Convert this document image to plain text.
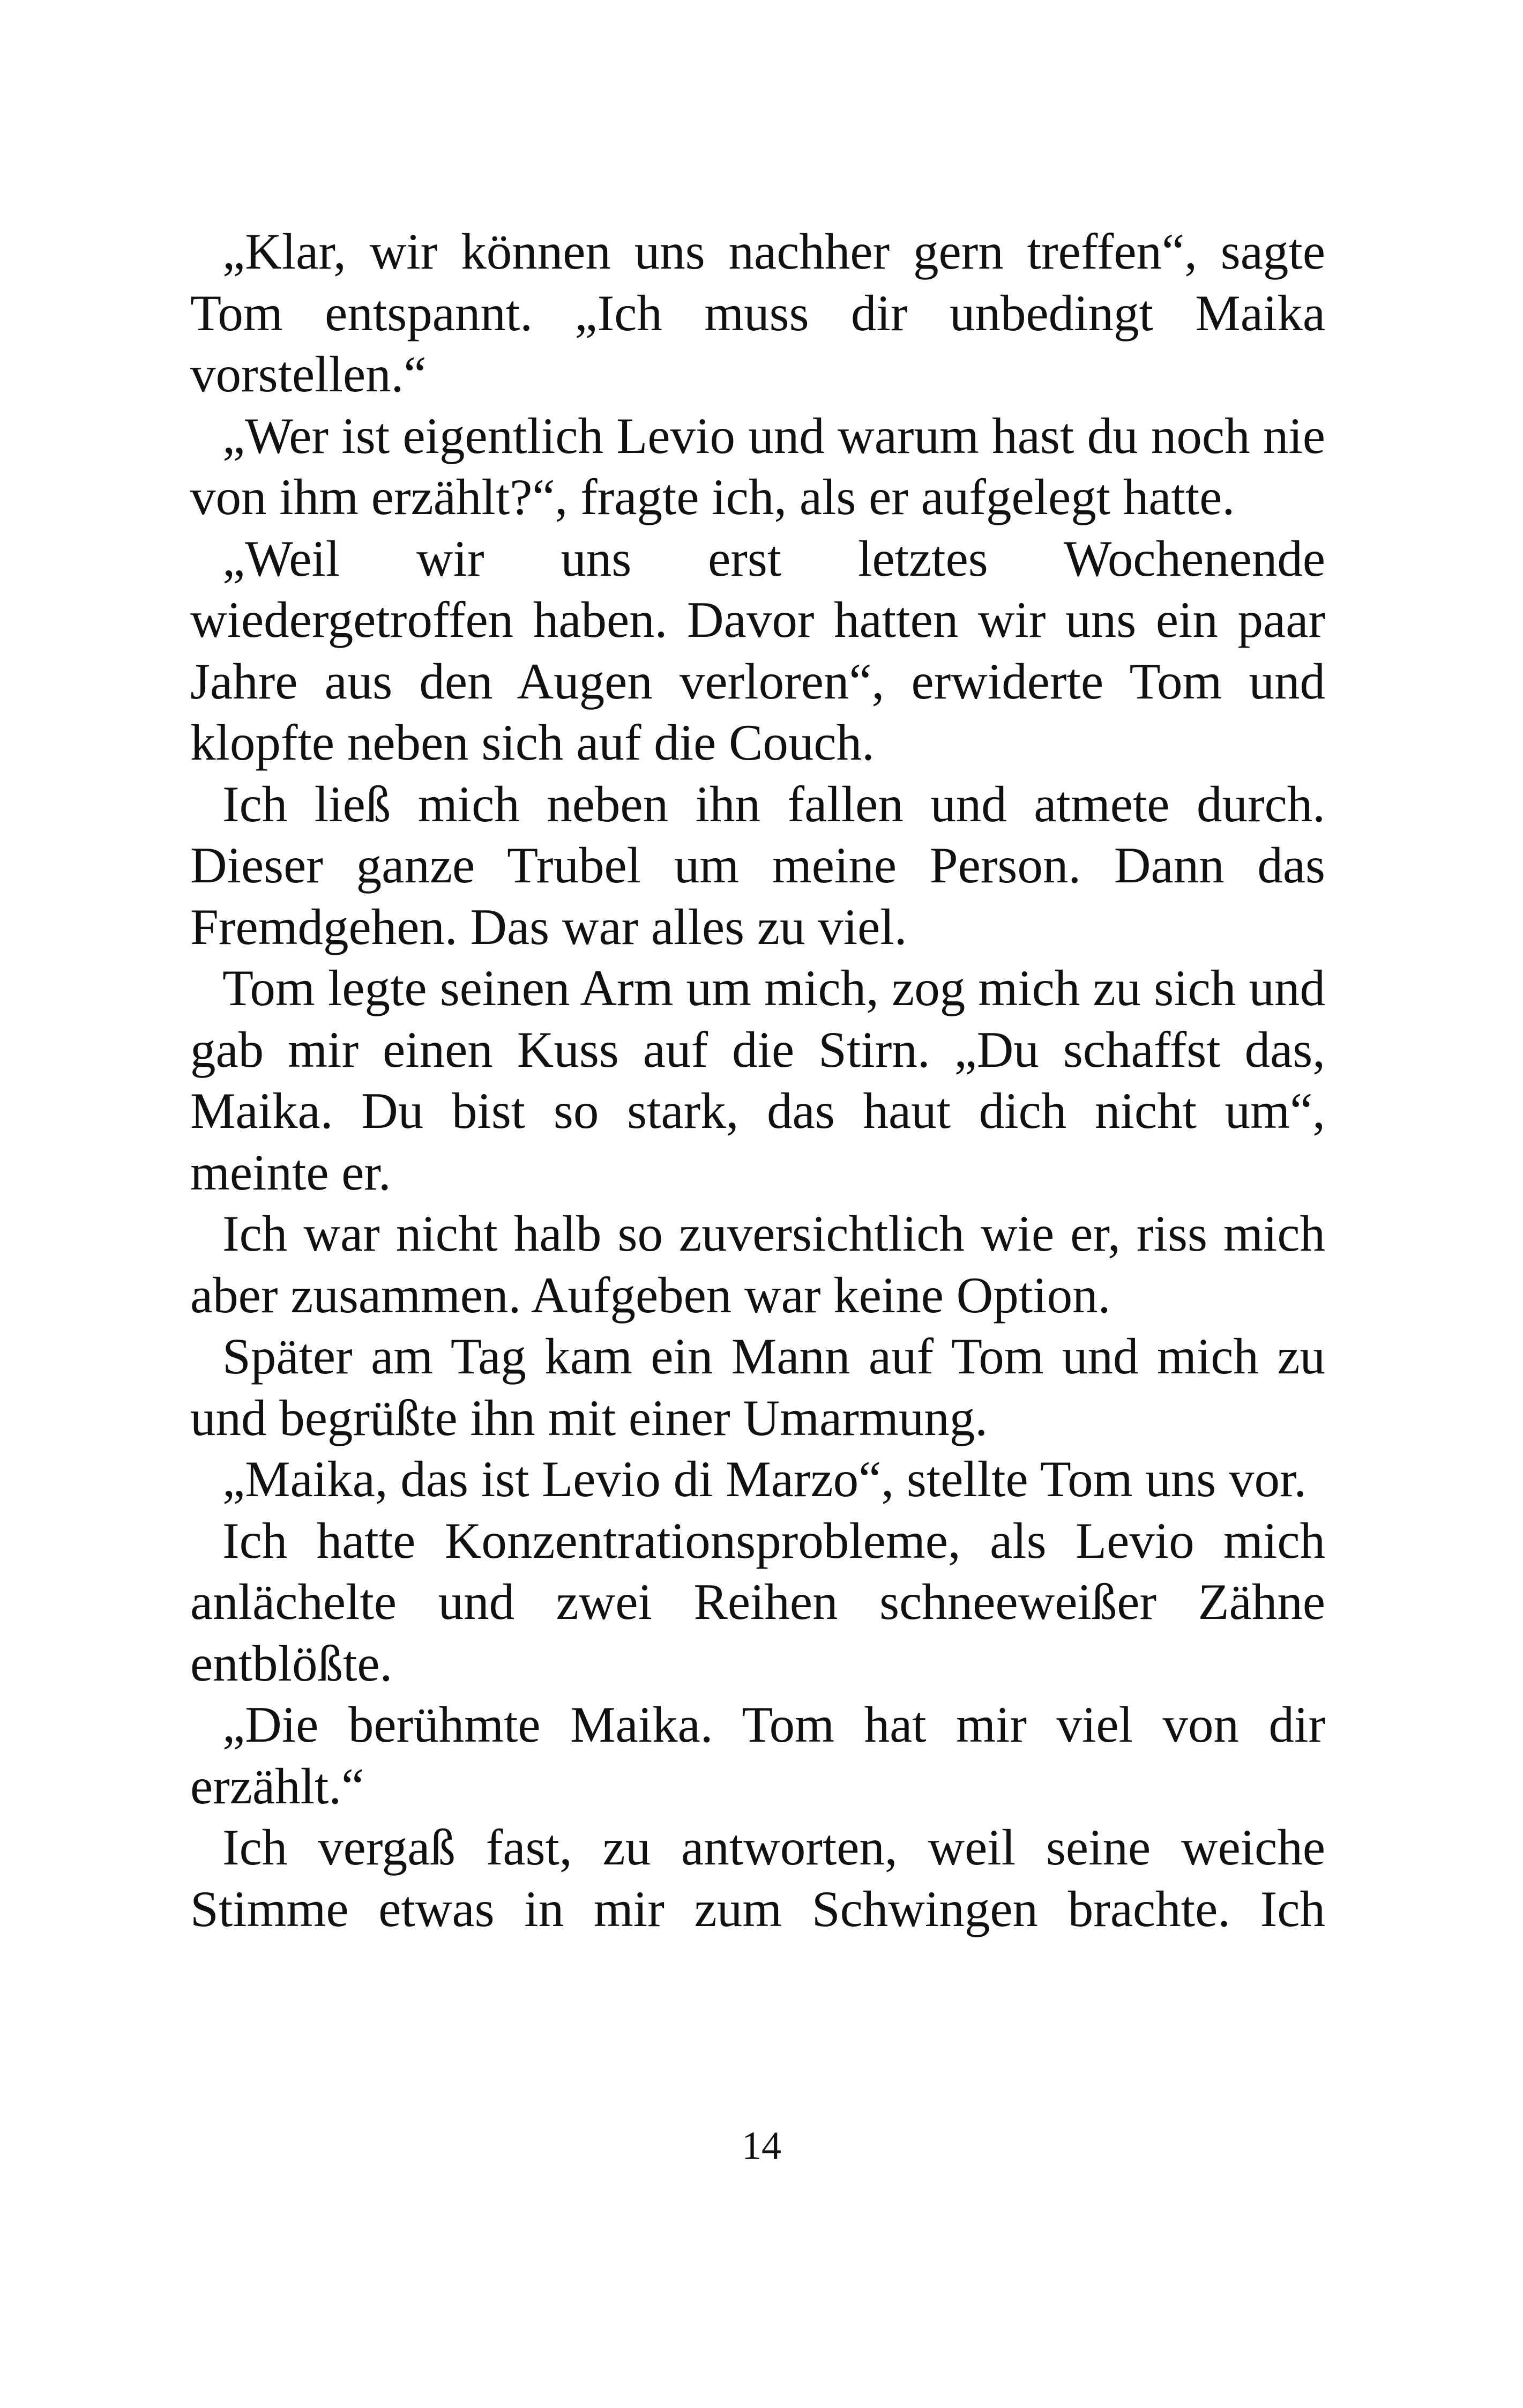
„Klar, wir können uns nachher gern treffen“, sagte Tom entspannt. „Ich muss dir unbedingt Maika vorstellen.“

„Wer ist eigentlich Levio und warum hast du noch nie von ihm erzählt?“, fragte ich, als er aufgelegt hatte.

„Weil wir uns erst letztes Wochenende wiedergetroffen haben. Davor hatten wir uns ein paar Jahre aus den Augen verloren“, erwiderte Tom und klopfte neben sich auf die Couch.

Ich ließ mich neben ihn fallen und atmete durch. Dieser ganze Trubel um meine Person. Dann das Fremdgehen. Das war alles zu viel.

Tom legte seinen Arm um mich, zog mich zu sich und gab mir einen Kuss auf die Stirn. „Du schaffst das, Maika. Du bist so stark, das haut dich nicht um“, meinte er.

Ich war nicht halb so zuversichtlich wie er, riss mich aber zusammen. Aufgeben war keine Option.

Später am Tag kam ein Mann auf Tom und mich zu und begrüßte ihn mit einer Umarmung.

„Maika, das ist Levio di Marzo“, stellte Tom uns vor.

Ich hatte Konzentrationsprobleme, als Levio mich anlächelte und zwei Reihen schneeweißer Zähne entblößte.

„Die berühmte Maika. Tom hat mir viel von dir erzählt.“

Ich vergaß fast, zu antworten, weil seine weiche Stimme etwas in mir zum Schwingen brachte. Ich

14
